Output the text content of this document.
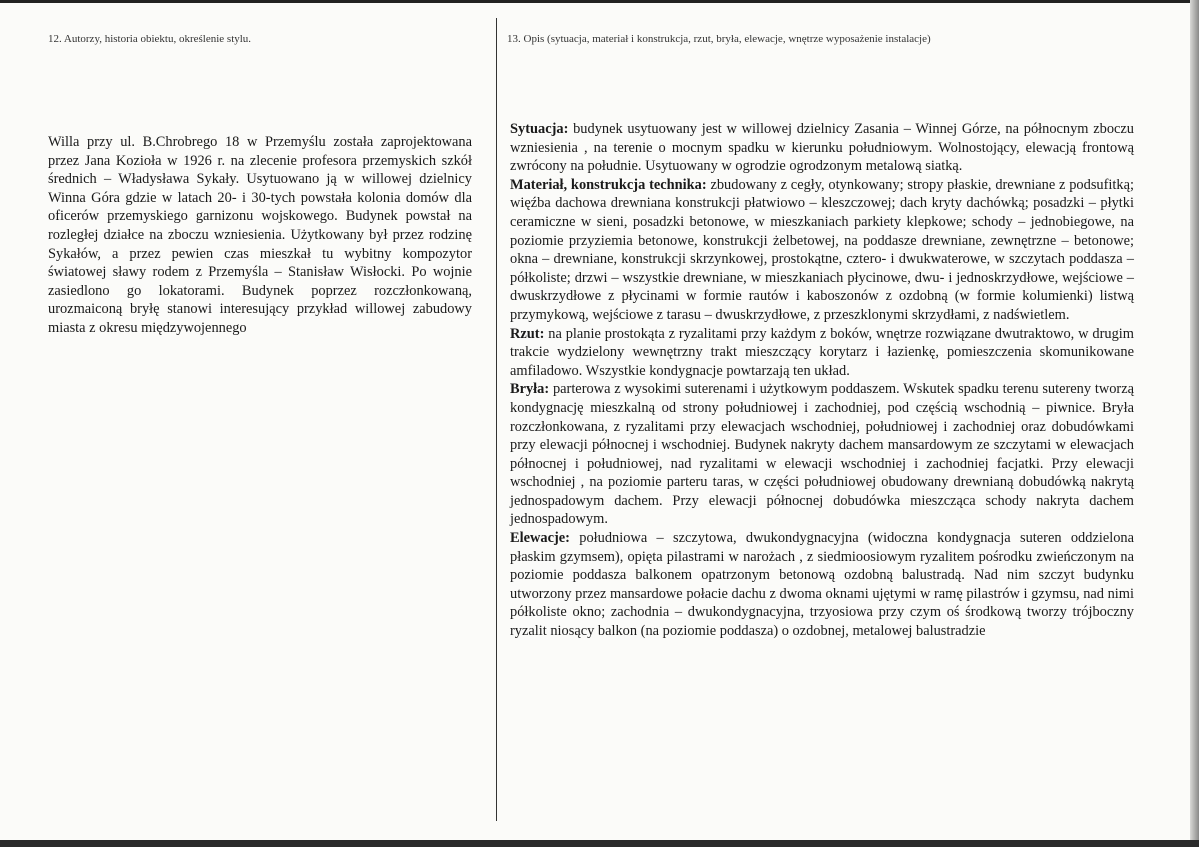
12. Autorzy, historia obiektu, określenie stylu.	13. Opis (sytuacja, materiał i konstrukcja, rzut, bryła, elewacje, wnętrze wyposażenie instalacje)
Willa przy ul. B.Chrobrego 18 w Przemyślu została zaprojektowana przez Jana Kozioła w 1926 r. na zlecenie profesora przemyskich szkół średnich – Władysława Sykały. Usytuowano ją w willowej dzielnicy Winna Góra gdzie w latach 20- i 30-tych powstała kolonia domów dla oficerów przemyskiego garnizonu wojskowego. Budynek powstał na rozległej działce na zboczu wzniesienia. Użytkowany był przez rodzinę Sykałów, a przez pewien czas mieszkał tu wybitny kompozytor światowej sławy rodem z Przemyśla – Stanisław Wisłocki. Po wojnie zasiedlono go lokatorami. Budynek poprzez rozczłonkowaną, urozmaiconą bryłę stanowi interesujący przykład willowej zabudowy miasta z okresu międzywojennego

Sytuacja: budynek usytuowany jest w willowej dzielnicy Zasania – Winnej Górze, na północnym zboczu wzniesienia , na terenie o mocnym spadku w kierunku południowym. Wolnostojący, elewacją frontową zwrócony na południe. Usytuowany w ogrodzie ogrodzonym metalową siatką.

Materiał, konstrukcja technika: zbudowany z cegły, otynkowany; stropy płaskie, drewniane z podsufitką; więźba dachowa drewniana konstrukcji płatwiowo – kleszczowej; dach kryty dachówką; posadzki – płytki ceramiczne w sieni, posadzki betonowe, w mieszkaniach parkiety klepkowe; schody – jednobiegowe, na poziomie przyziemia betonowe, konstrukcji żelbetowej, na poddasze drewniane, zewnętrzne – betonowe; okna – drewniane, konstrukcji skrzynkowej, prostokątne, cztero- i dwukwaterowe, w szczytach poddasza – półkoliste; drzwi – wszystkie drewniane, w mieszkaniach płycinowe, dwu- i jednoskrzydłowe, wejściowe – dwuskrzydłowe z płycinami w formie rautów i kaboszonów z ozdobną (w formie kolumienki) listwą przymykową, wejściowe z tarasu – dwuskrzydłowe, z przeszklonymi skrzydłami, z nadświetlem.

Rzut: na planie prostokąta z ryzalitami przy każdym z boków, wnętrze rozwiązane dwutraktowo, w drugim trakcie wydzielony wewnętrzny trakt mieszczący korytarz i łazienkę, pomieszczenia skomunikowane amfiladowo. Wszystkie kondygnacje powtarzają ten układ.

Bryła: parterowa z wysokimi suterenami i użytkowym poddaszem. Wskutek spadku terenu sutereny tworzą kondygnację mieszkalną od strony południowej i zachodniej, pod częścią wschodnią – piwnice. Bryła rozczłonkowana, z ryzalitami przy elewacjach wschodniej, południowej i zachodniej oraz dobudówkami przy elewacji północnej i wschodniej. Budynek nakryty dachem mansardowym ze szczytami w elewacjach północnej i południowej, nad ryzalitami w elewacji wschodniej i zachodniej facjatki. Przy elewacji wschodniej , na poziomie parteru taras, w części południowej obudowany drewnianą dobudówką nakrytą jednospadowym dachem. Przy elewacji północnej dobudówka mieszcząca schody nakryta dachem jednospadowym.

Elewacje: południowa – szczytowa, dwukondygnacyjna (widoczna kondygnacja suteren oddzielona płaskim gzymsem), opięta pilastrami w narożach , z siedmioosiowym ryzalitem pośrodku zwieńczonym na poziomie poddasza balkonem opatrzonym betonową ozdobną balustradą. Nad nim szczyt budynku utworzony przez mansardowe połacie dachu z dwoma oknami ujętymi w ramę pilastrów i gzymsu, nad nimi półkoliste okno; zachodnia – dwukondygnacyjna, trzyosiowa przy czym oś środkową tworzy trójboczny ryzalit niosący balkon (na poziomie poddasza) o ozdobnej, metalowej balustradzie
